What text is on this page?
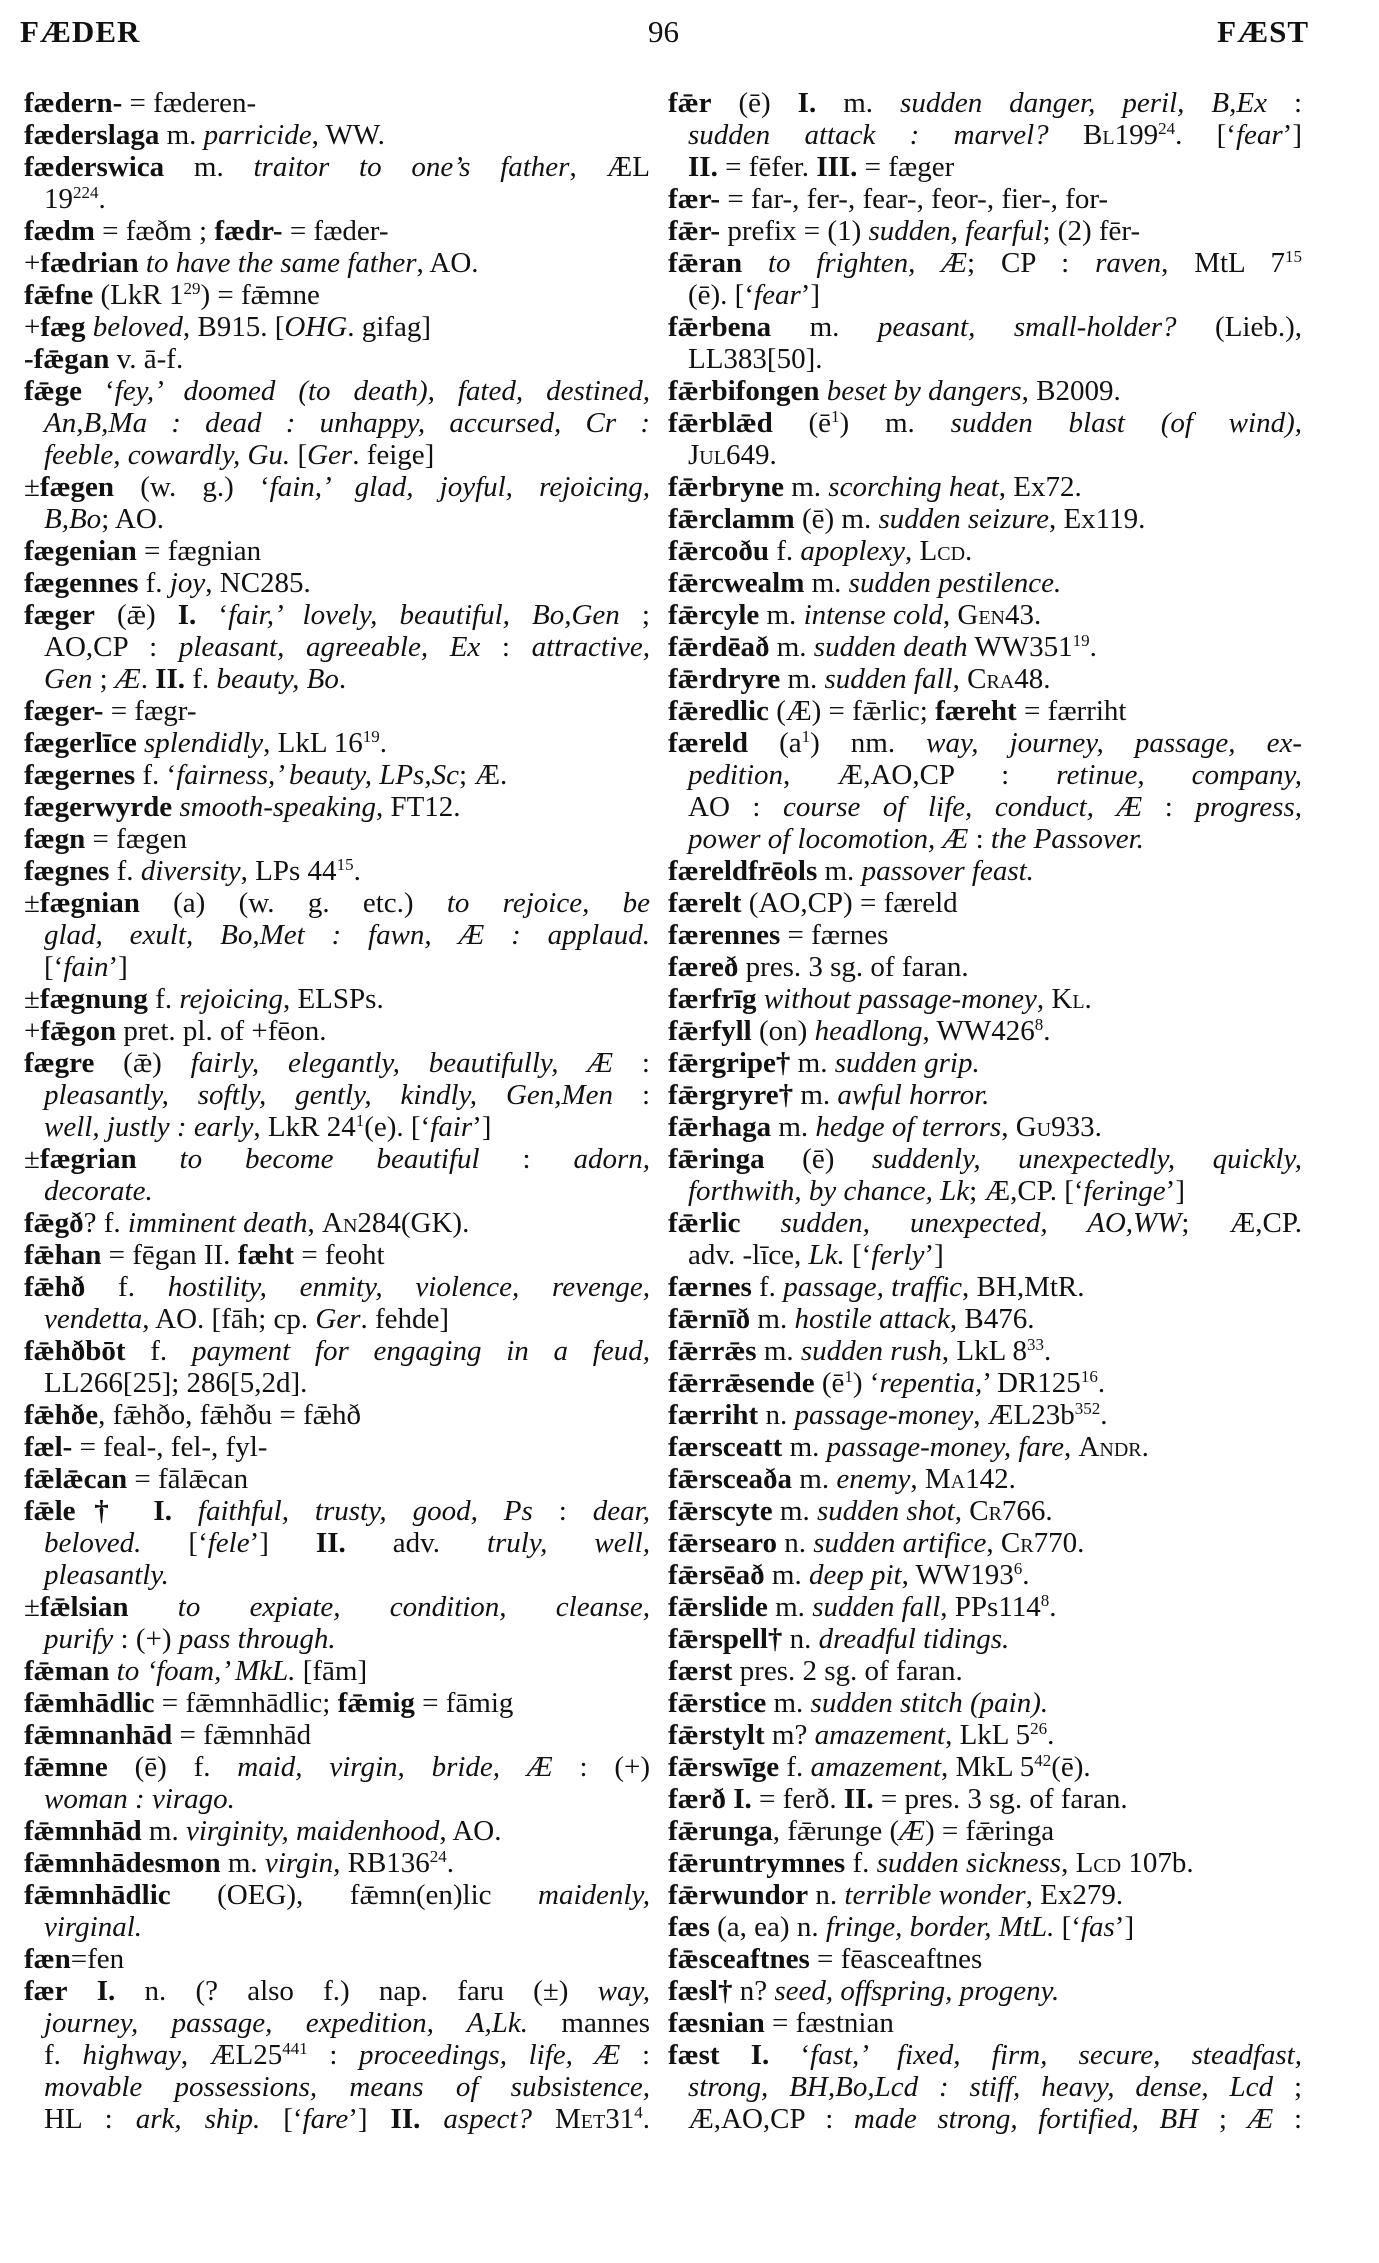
FÆDER	96	FÆST
fædern- = fæderen-
fæderslaga m. parricide, WW.
fæderswica m. traitor to one’s father, ÆL
$19^{224}$.
fædm = fæðm ; fædr- = fæder-
+fædrian to have the same father, AO.
fǣfne (LkR $1^{29}$) = fǣmne
+fæg beloved, B915. [OHG. gifag]
-fǣgan v. ā-f.
fǣge ‘fey,’ doomed (to death), fated, destined,
An,B,Ma : dead : unhappy, accursed, Cr :
feeble, cowardly, Gu. [Ger. feige]
±fægen (w. g.) ‘fain,’ glad, joyful, rejoicing,
B,Bo; AO.
fægenian = fægnian
fægennes f. joy, NC285.
fæger (ǣ) I. ‘fair,’ lovely, beautiful, Bo,Gen ;
AO,CP : pleasant, agreeable, Ex : attractive,
Gen ; Æ. II. f. beauty, Bo.
fæger- = fægr-
fægerlīce splendidly, LkL $16^{19}$.
fægernes f. ‘fairness,’ beauty, LPs,Sc; Æ.
fægerwyrde smooth-speaking, FT12.
fægn = fægen
fægnes f. diversity, LPs $44^{15}$.
±fægnian (a) (w. g. etc.) to rejoice, be
glad, exult, Bo,Met : fawn, Æ : applaud.
[‘fain’]
±fægnung f. rejoicing, ELSPs.
+fǣgon pret. pl. of +fēon.
fægre (ǣ) fairly, elegantly, beautifully, Æ :
pleasantly, softly, gently, kindly, Gen,Men :
well, justly : early, LkR $24^1(e)$. [‘fair’]
±fægrian to become beautiful : adorn,
decorate.
fǣgð? f. imminent death, An284(GK).
fǣhan = fēgan II. fæht = feoht
fǣhð f. hostility, enmity, violence, revenge,
vendetta, AO. [fāh; cp. Ger. fehde]
fǣhðbōt f. payment for engaging in a feud,
LL266[25]; 286[5,2d].
fǣhðe, fǣhðo, fǣhðu = fǣhð
fæl- = feal-, fel-, fyl-
fǣlǣcan = fālǣcan
fǣle† I. faithful, trusty, good, Ps : dear,
beloved. [‘fele’] II. adv. truly, well,
pleasantly.
±fǣlsian to expiate, condition, cleanse,
purify : (+) pass through.
fǣman to ‘foam,’ MkL. [fām]
fǣmhādlic = fǣmnhādlic; fǣmig = fāmig
fǣmnanhād = fǣmnhād
fǣmne (ē) f. maid, virgin, bride, Æ : (+)
woman : virago.
fǣmnhād m. virginity, maidenhood, AO.
fǣmnhādesmon m. virgin, $RB136^{24}$.
fǣmnhādlic (OEG), fǣmn(en)lic maidenly,
virginal.
fæn=fen
fær I. n. (? also f.) nap. faru (±) way,
journey, passage, expedition, A,Lk. mannes
f. highway, $ÆL25^{441}$ : proceedings, life, Æ :
movable possessions, means of subsistence,
HL : ark, ship. [‘fare’] II. aspect? $Met31^4$.
fǣr (ē) I. m. sudden danger, peril, B,Ex :
sudden attack : marvel? $Bl199^{24}$. [‘fear’]
II. = fēfer. III. = fæger
fær- = far-, fer-, fear-, feor-, fier-, for-
fǣr- prefix = (1) sudden, fearful; (2) fēr-
fǣran to frighten, Æ; CP : raven, MtL $7^{15}$
(ē). [‘fear’]
fǣrbena m. peasant, small-holder? (Lieb.),
LL383[50].
fǣrbifongen beset by dangers, B2009.
fǣrblǣd $(ē^1)$ m. sudden blast (of wind),
Jul649.
fǣrbryne m. scorching heat, Ex72.
fǣrclamm (ē) m. sudden seizure, Ex119.
fǣrcoðu f. apoplexy, Lcd.
fǣrcwealm m. sudden pestilence.
fǣrcyle m. intense cold, Gen43.
fǣrdēað m. sudden death $WW351^{19}$.
fǣrdryre m. sudden fall, Cra48.
fǣredlic (Æ) = fǣrlic; færeht = færriht
færeld $(a^1)$ nm. way, journey, passage, ex-
pedition, Æ,AO,CP : retinue, company,
AO : course of life, conduct, Æ : progress,
power of locomotion, Æ : the Passover.
færeldfrēols m. passover feast.
færelt (AO,CP) = færeld
færennes = færnes
færeð pres. 3 sg. of faran.
færfrīg without passage-money, Kl.
fǣrfyll (on) headlong, $WW426^8$.
fǣrgripe† m. sudden grip.
fǣrgryre† m. awful horror.
fǣrhaga m. hedge of terrors, Gu933.
fǣringa (ē) suddenly, unexpectedly, quickly,
forthwith, by chance, Lk; Æ,CP. [‘feringe’]
fǣrlic sudden, unexpected, AO,WW; Æ,CP.
adv. -līce, Lk. [‘ferly’]
færnes f. passage, traffic, BH,MtR.
fǣrnīð m. hostile attack, B476.
fǣrrǣs m. sudden rush, LkL $8^{33}$.
fǣrrǣsende $(ē^1)$ ‘repentia,’ $DR125^{16}$.
færriht n. passage-money, $ÆL23b^{352}$.
færsceatt m. passage-money, fare, Andr.
fǣrsceaða m. enemy, Ma142.
fǣrscyte m. sudden shot, Cr766.
fǣrsearo n. sudden artifice, Cr770.
fǣrsēað m. deep pit, $WW193^6$.
fǣrslide m. sudden fall, $PPs114^8$.
fǣrspell† n. dreadful tidings.
færst pres. 2 sg. of faran.
fǣrstice m. sudden stitch (pain).
fǣrstylt m? amazement, LkL $5^{26}$.
fǣrswīge f. amazement, MkL $5^{42}(ē)$.
færð I. = ferð. II. = pres. 3 sg. of faran.
fǣrunga, fǣrunge (Æ) = fǣringa
fǣruntrymnes f. sudden sickness, Lcd 107b.
fǣrwundor n. terrible wonder, Ex279.
fæs (a, ea) n. fringe, border, MtL. [‘fas’]
fǣsceaftnes = fēasceaftnes
fæsl† n? seed, offspring, progeny.
fæsnian = fæstnian
fæst I. ‘fast,’ fixed, firm, secure, steadfast,
strong, BH,Bo,Lcd : stiff, heavy, dense, Lcd ;
Æ,AO,CP : made strong, fortified, BH ; Æ :
